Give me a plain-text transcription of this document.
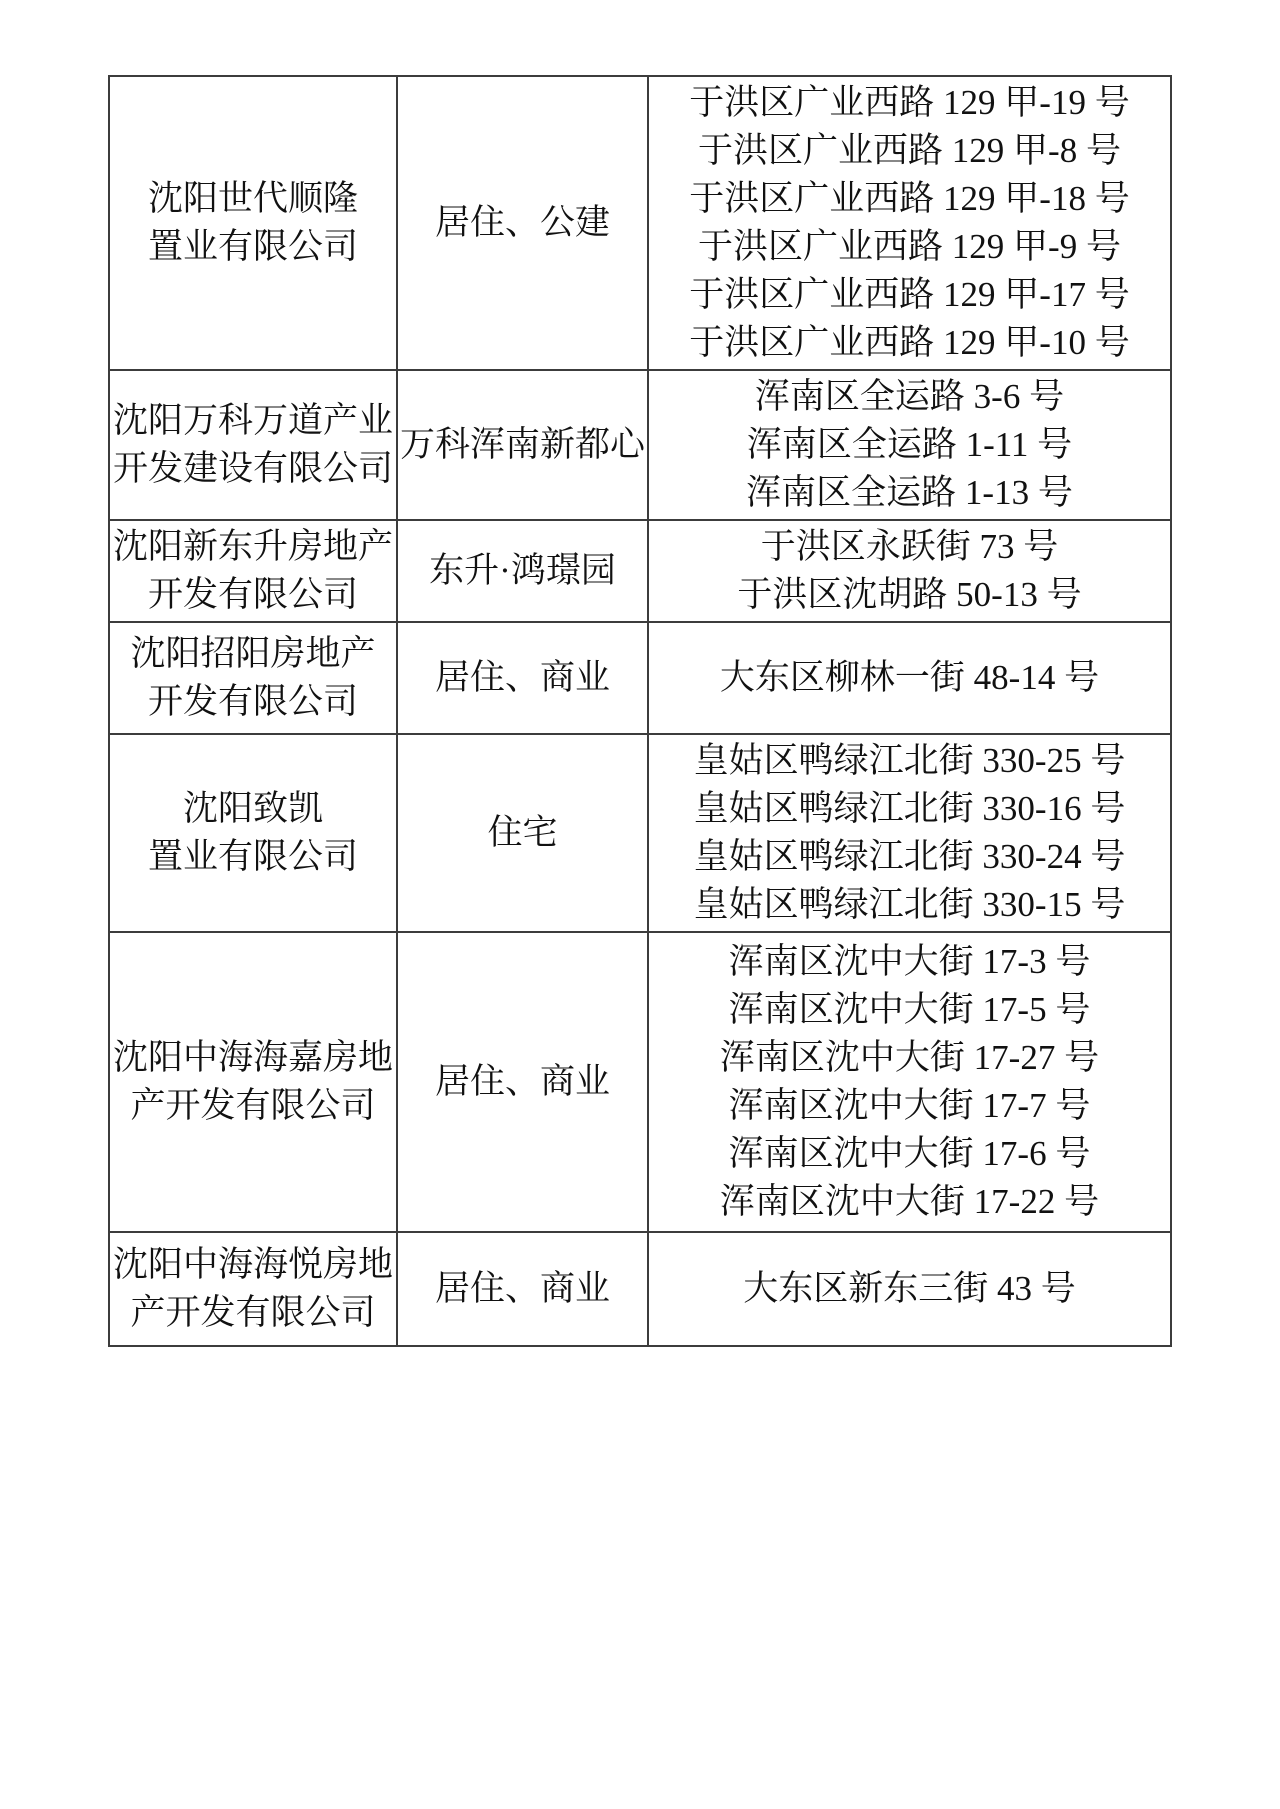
沈阳世代顺隆
置业有限公司
居住、公建
于洪区广业西路 129 甲-19 号
于洪区广业西路 129 甲-8 号
于洪区广业西路 129 甲-18 号
于洪区广业西路 129 甲-9 号
于洪区广业西路 129 甲-17 号
于洪区广业西路 129 甲-10 号
沈阳万科万道产业
开发建设有限公司
万科浑南新都心
浑南区全运路 3-6 号
浑南区全运路 1-11 号
浑南区全运路 1-13 号
沈阳新东升房地产
开发有限公司
东升·鸿璟园
于洪区永跃街 73 号
于洪区沈胡路 50-13 号
沈阳招阳房地产
开发有限公司
居住、商业	大东区柳林一街 48-14 号
沈阳致凯
置业有限公司
住宅
皇姑区鸭绿江北街 330-25 号
皇姑区鸭绿江北街 330-16 号
皇姑区鸭绿江北街 330-24 号
皇姑区鸭绿江北街 330-15 号
沈阳中海海嘉房地
产开发有限公司
居住、商业
浑南区沈中大街 17-3 号
浑南区沈中大街 17-5 号
浑南区沈中大街 17-27 号
浑南区沈中大街 17-7 号
浑南区沈中大街 17-6 号
浑南区沈中大街 17-22 号
沈阳中海海悦房地
产开发有限公司
居住、商业	大东区新东三街 43 号
